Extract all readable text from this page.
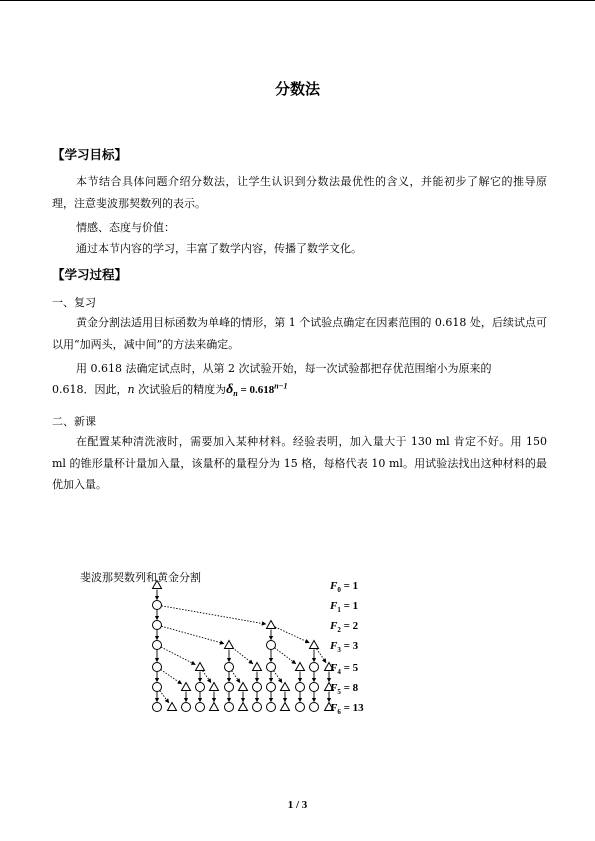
分数法
【学习目标】
本节结合具体问题介绍分数法，让学生认识到分数法最优性的含义，并能初步了解它的推导原理，注意斐波那契数列的表示。
情感、态度与价值：
通过本节内容的学习，丰富了数学内容，传播了数学文化。
【学习过程】
一、复习
黄金分割法适用目标函数为单峰的情形，第 1 个试验点确定在因素范围的 0.618 处，后续试点可以用“加两头，减中间”的方法来确定。
用 0.618 法确定试点时，从第 2 次试验开始，每一次试验都把存优范围缩小为原来的
0.618．因此，n 次试验后的精度为$\delta_n = 0.618^{n-1}$
二、新课
在配置某种清洗液时，需要加入某种材料。经验表明，加入量大于 130 ml 肯定不好。用 150 ml 的锥形量杯计量加入量，该量杯的量程分为 15 格，每格代表 10 ml。用试验法找出这种材料的最优加入量。
斐波那契数列和黄金分割
$F_0 = 1$
$F_1 = 1$
$F_2 = 2$
$F_3 = 3$
$F_4 = 5$
$F_5 = 8$
$F_6 = 13$
1 / 3
